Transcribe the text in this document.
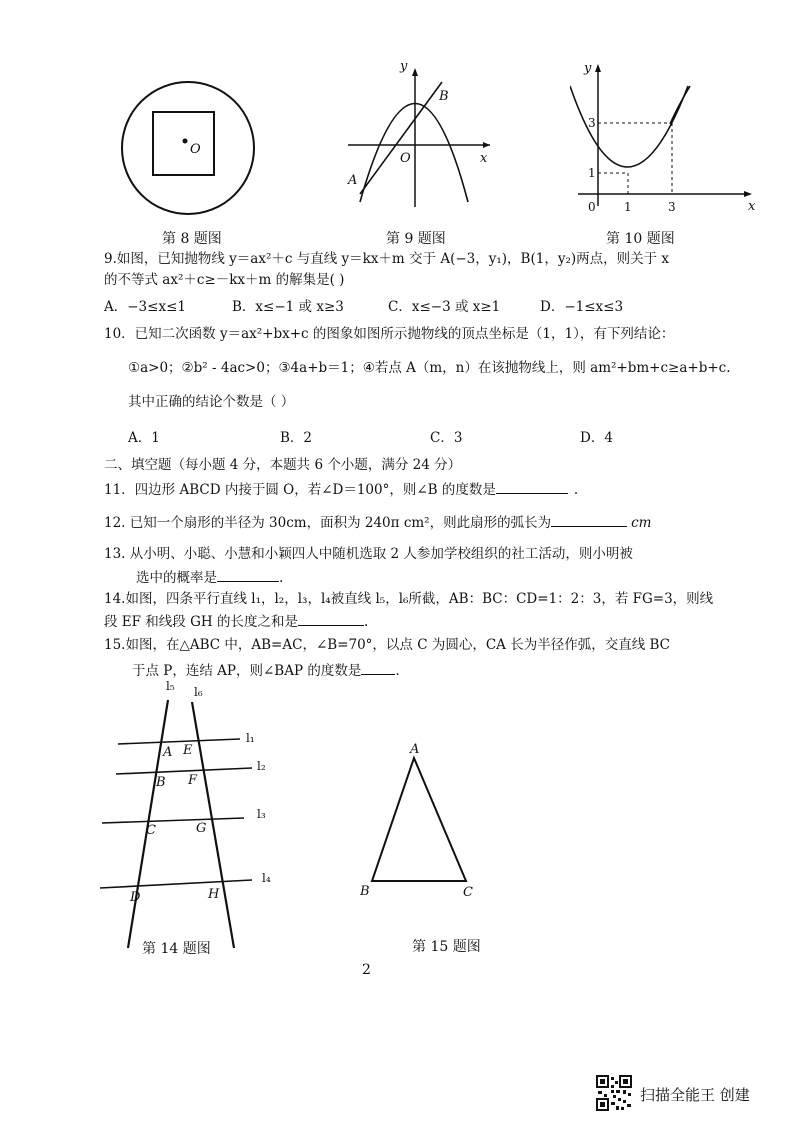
O
第 8 题图
y
x
O
A
B
第 9 题图
y
x
0 1	3
1
3
第 10 题图
9.如图，已知抛物线 y＝ax²＋c 与直线 y＝kx＋m 交于 A(−3，y₁)，B(1，y₂)两点，则关于 x
的不等式 ax²＋c≥－kx＋m 的解集是( )
A．−3≤x≤1	B．x≤−1 或 x≥3	C．x≤−3 或 x≥1	D．−1≤x≤3
10．已知二次函数 y＝ax²+bx+c 的图象如图所示抛物线的顶点坐标是（1，1），有下列结论：
①a>0；②b² - 4ac>0；③4a+b＝1；④若点 A（m，n）在该抛物线上，则 am²+bm+c≥a+b+c.
其中正确的结论个数是（ ）
A．1	B．2	C．3	D．4
二、填空题（每小题 4 分，本题共 6 个小题，满分 24 分）
11．四边形 ABCD 内接于圆 O，若∠D＝100°，则∠B 的度数是	.
12. 已知一个扇形的半径为 30cm，面积为 240π cm²，则此扇形的弧长为	cm
13. 从小明、小聪、小慧和小颖四人中随机选取 2 人参加学校组织的社工活动，则小明被
选中的概率是	.
14.如图，四条平行直线 l₁，l₂，l₃，l₄被直线 l₅，l₆所截，AB：BC：CD=1：2：3，若 FG=3，则线
段 EF 和线段 GH 的长度之和是	.
15.如图，在△ABC 中，AB=AC，∠B=70°，以点 C 为圆心，CA 长为半径作弧，交直线 BC
于点 P，连结 AP，则∠BAP 的度数是	.
l₅ l₆
l₁
l₂
l₃
l₄
A E
B F
C	G
D	H
第 14 题图
A
B	C
第 15 题图
2
扫描全能王 创建
